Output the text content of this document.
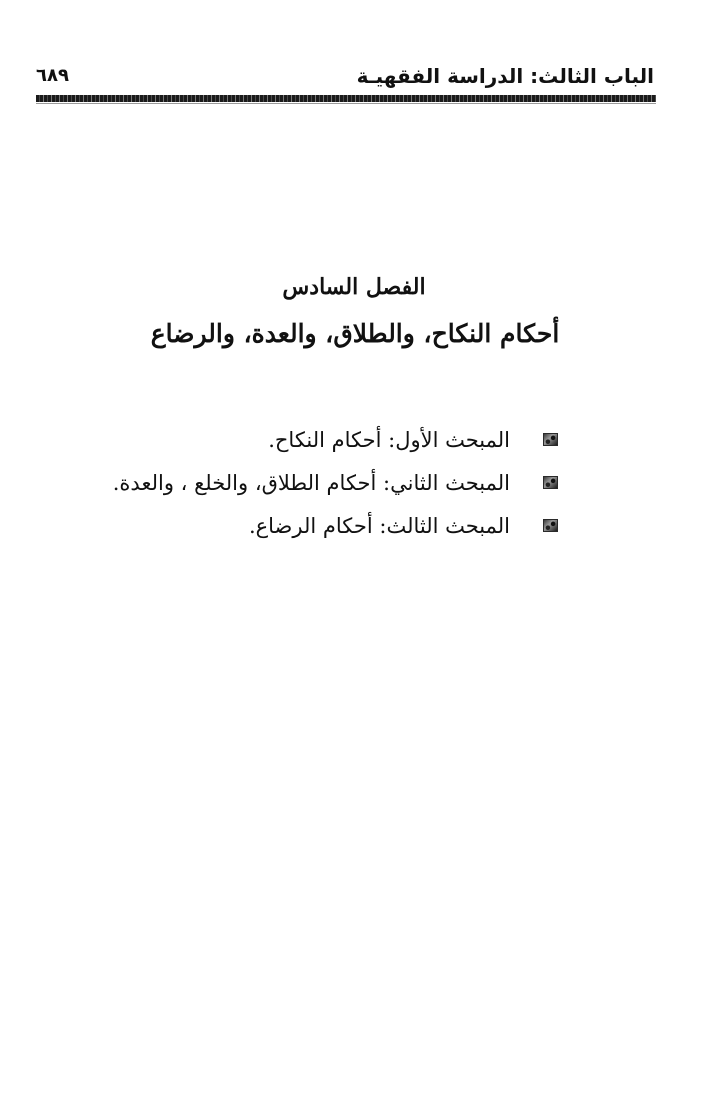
الباب الثالث: الدراسة الفقهيـة
٦٨٩
الفصل السادس
أحكام النكاح، والطلاق، والعدة، والرضاع
المبحث الأول: أحكام النكاح.
المبحث الثاني: أحكام الطلاق، والخلع ، والعدة.
المبحث الثالث: أحكام الرضاع.
